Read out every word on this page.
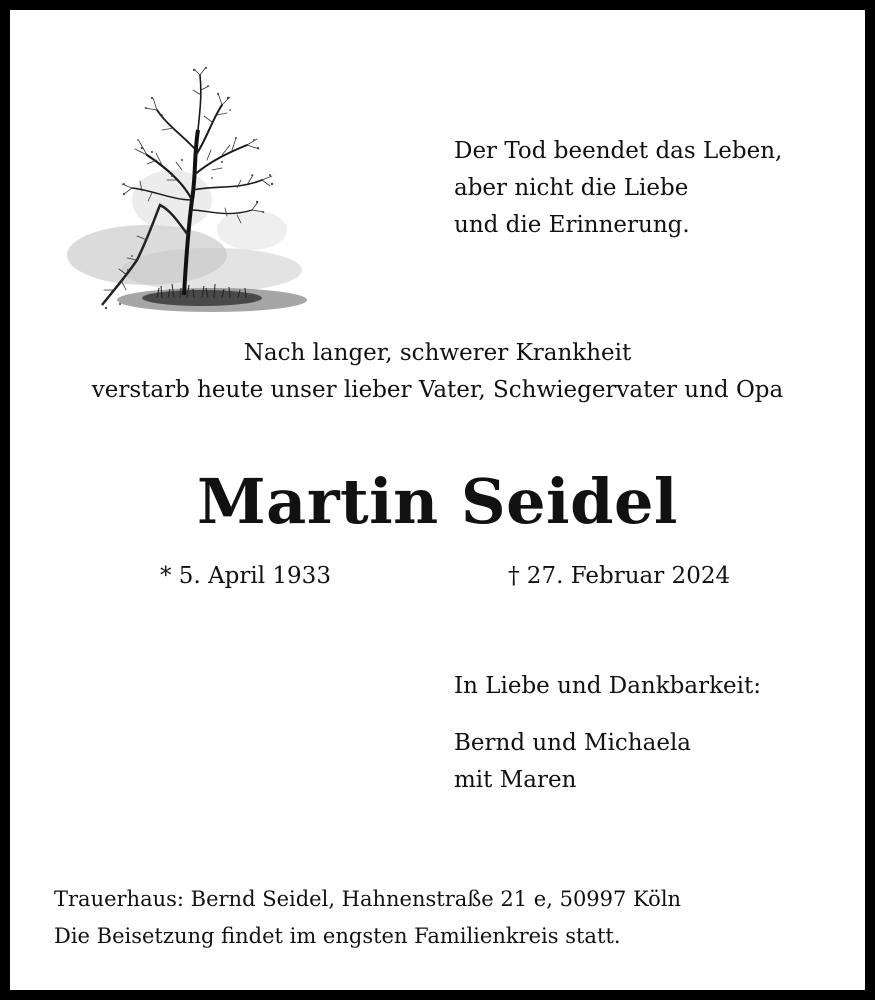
Der Tod beendet das Leben,
aber nicht die Liebe
und die Erinnerung.
Nach langer, schwerer Krankheit
verstarb heute unser lieber Vater, Schwiegervater und Opa
Martin Seidel
* 5. April 1933	† 27. Februar 2024
In Liebe und Dankbarkeit:
Bernd und Michaela
mit Maren
Trauerhaus: Bernd Seidel, Hahnenstraße 21 e, 50997 Köln
Die Beisetzung findet im engsten Familienkreis statt.
